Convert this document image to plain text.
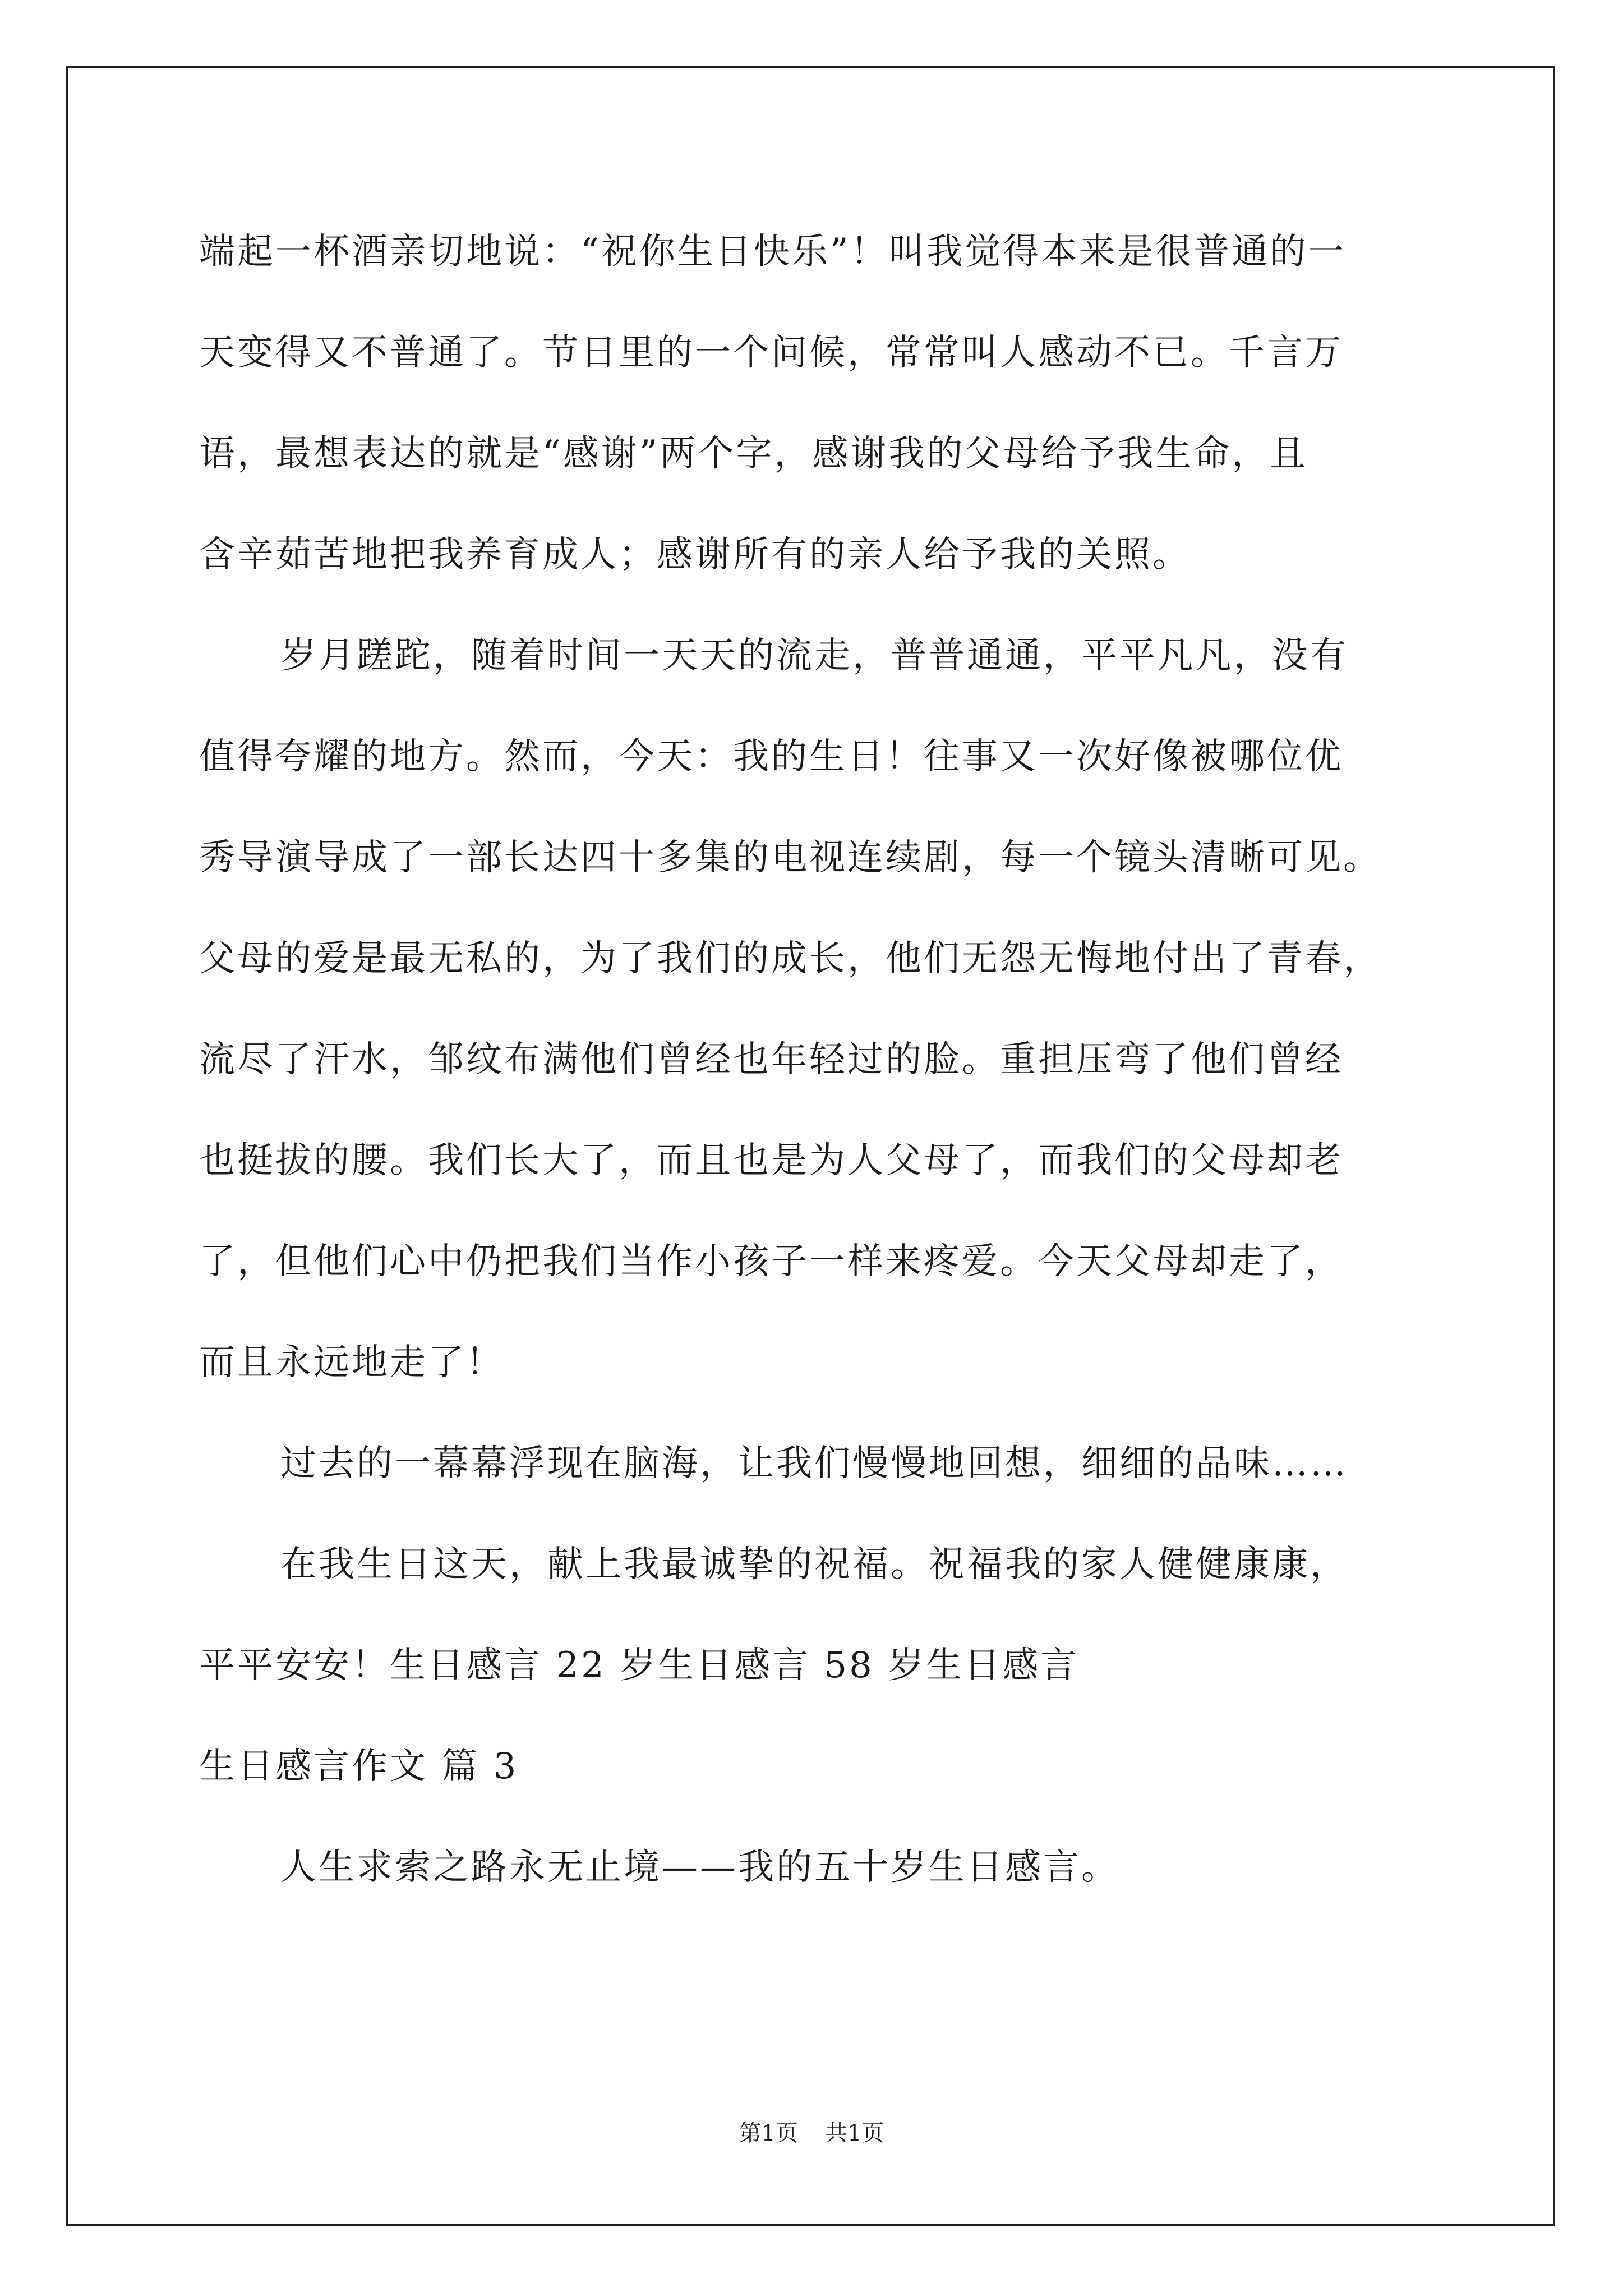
端起一杯酒亲切地说：“祝你生日快乐”！叫我觉得本来是很普通的一
天变得又不普通了。节日里的一个问候，常常叫人感动不已。千言万
语，最想表达的就是“感谢”两个字，感谢我的父母给予我生命，且
含辛茹苦地把我养育成人；感谢所有的亲人给予我的关照。
岁月蹉跎，随着时间一天天的流走，普普通通，平平凡凡，没有
值得夸耀的地方。然而，今天：我的生日！往事又一次好像被哪位优
秀导演导成了一部长达四十多集的电视连续剧，每一个镜头清晰可见。
父母的爱是最无私的，为了我们的成长，他们无怨无悔地付出了青春，
流尽了汗水，邹纹布满他们曾经也年轻过的脸。重担压弯了他们曾经
也挺拔的腰。我们长大了，而且也是为人父母了，而我们的父母却老
了，但他们心中仍把我们当作小孩子一样来疼爱。今天父母却走了，
而且永远地走了！
过去的一幕幕浮现在脑海，让我们慢慢地回想，细细的品味……
在我生日这天，献上我最诚挚的祝福。祝福我的家人健健康康，
平平安安！生日感言 22 岁生日感言 58 岁生日感言
生日感言作文 篇 3
人生求索之路永无止境——我的五十岁生日感言。
第1页 共1页
